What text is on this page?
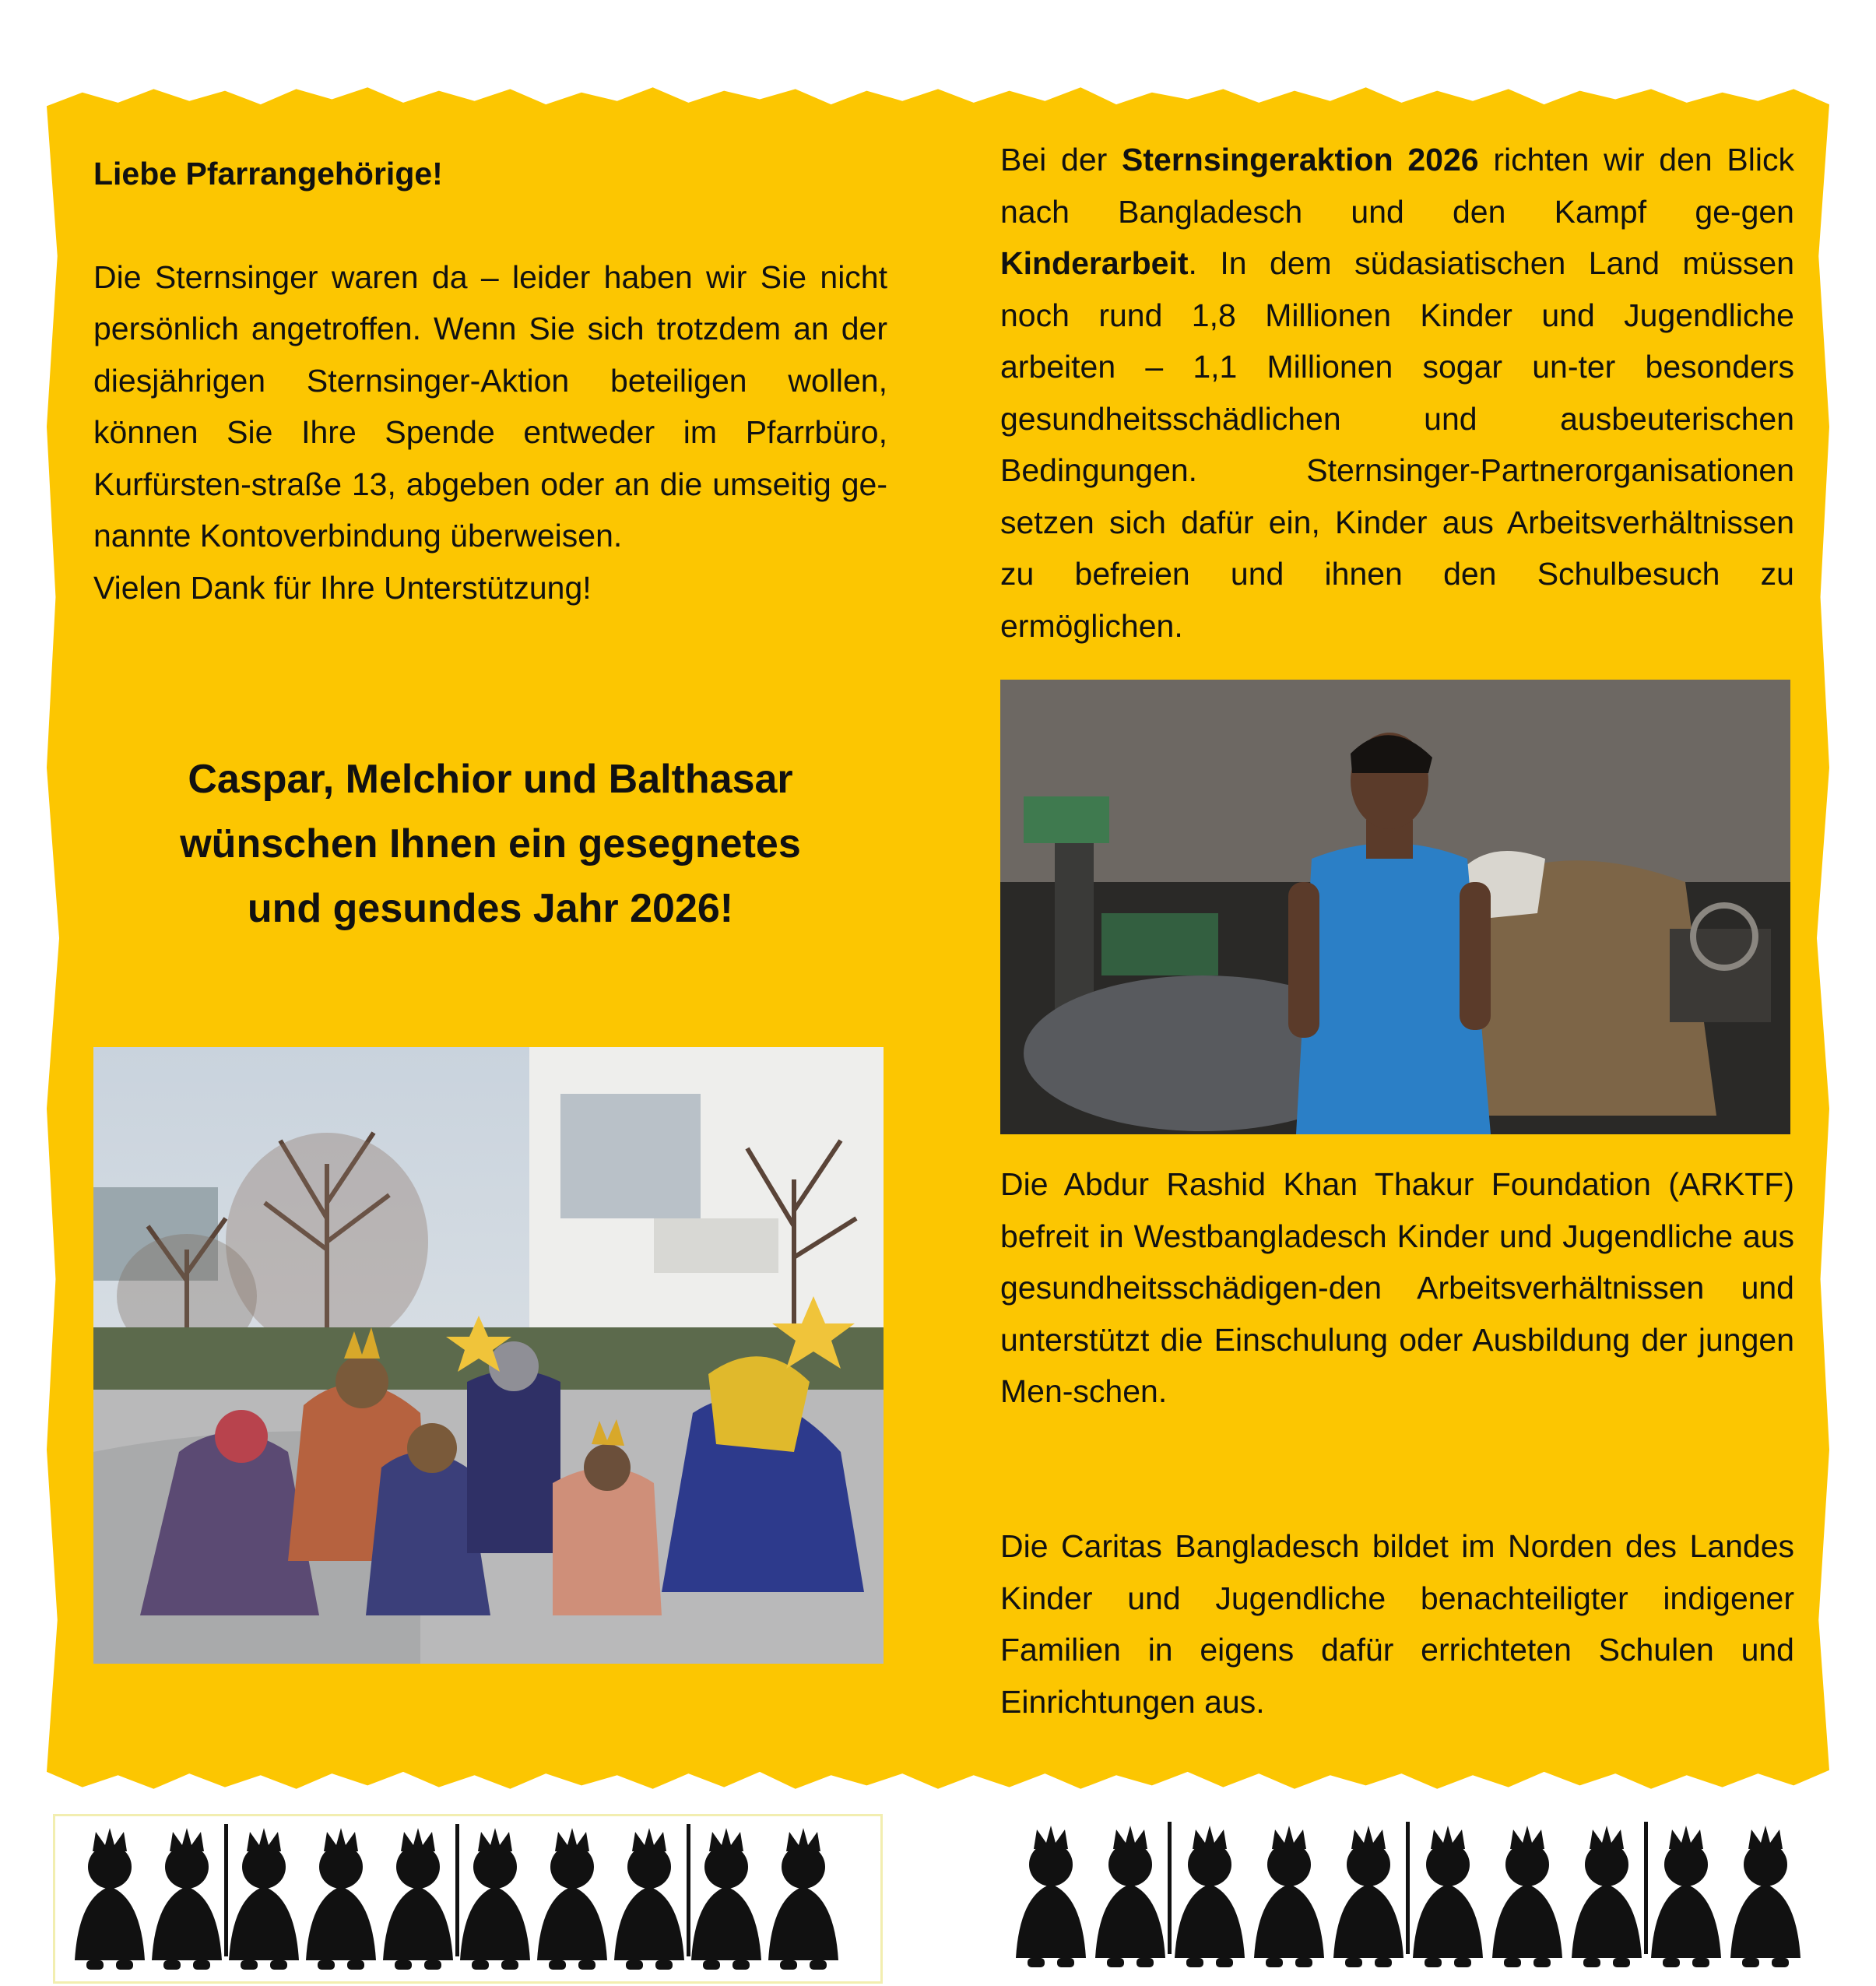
Liebe Pfarrangehörige!

Die Sternsinger waren da – leider haben wir Sie nicht persönlich angetroffen. Wenn Sie sich trotzdem an der diesjährigen Sternsinger-Aktion beteiligen wollen, können Sie Ihre Spende entweder im Pfarrbüro, Kurfürsten-straße 13, abgeben oder an die umseitig ge-nannte Kontoverbindung überweisen.

Vielen Dank für Ihre Unterstützung!

Caspar, Melchior und Balthasar
wünschen Ihnen ein gesegnetes
und gesundes Jahr 2026!

Bei der Sternsingeraktion 2026 richten wir den Blick nach Bangladesch und den Kampf ge-gen Kinderarbeit. In dem südasiatischen Land müssen noch rund 1,8 Millionen Kinder und Jugendliche arbeiten – 1,1 Millionen sogar un-ter besonders gesundheitsschädlichen und ausbeuterischen Bedingungen. Sternsinger-Partnerorganisationen setzen sich dafür ein, Kinder aus Arbeitsverhältnissen zu befreien und ihnen den Schulbesuch zu ermöglichen.

Die Abdur Rashid Khan Thakur Foundation (ARKTF) befreit in Westbangladesch Kinder und Jugendliche aus gesundheitsschädigen-den Arbeitsverhältnissen und unterstützt die Einschulung oder Ausbildung der jungen Men-schen.
Die Caritas Bangladesch bildet im Norden des Landes Kinder und Jugendliche benachteiligter indigener Familien in eigens dafür errichteten Schulen und Einrichtungen aus.
